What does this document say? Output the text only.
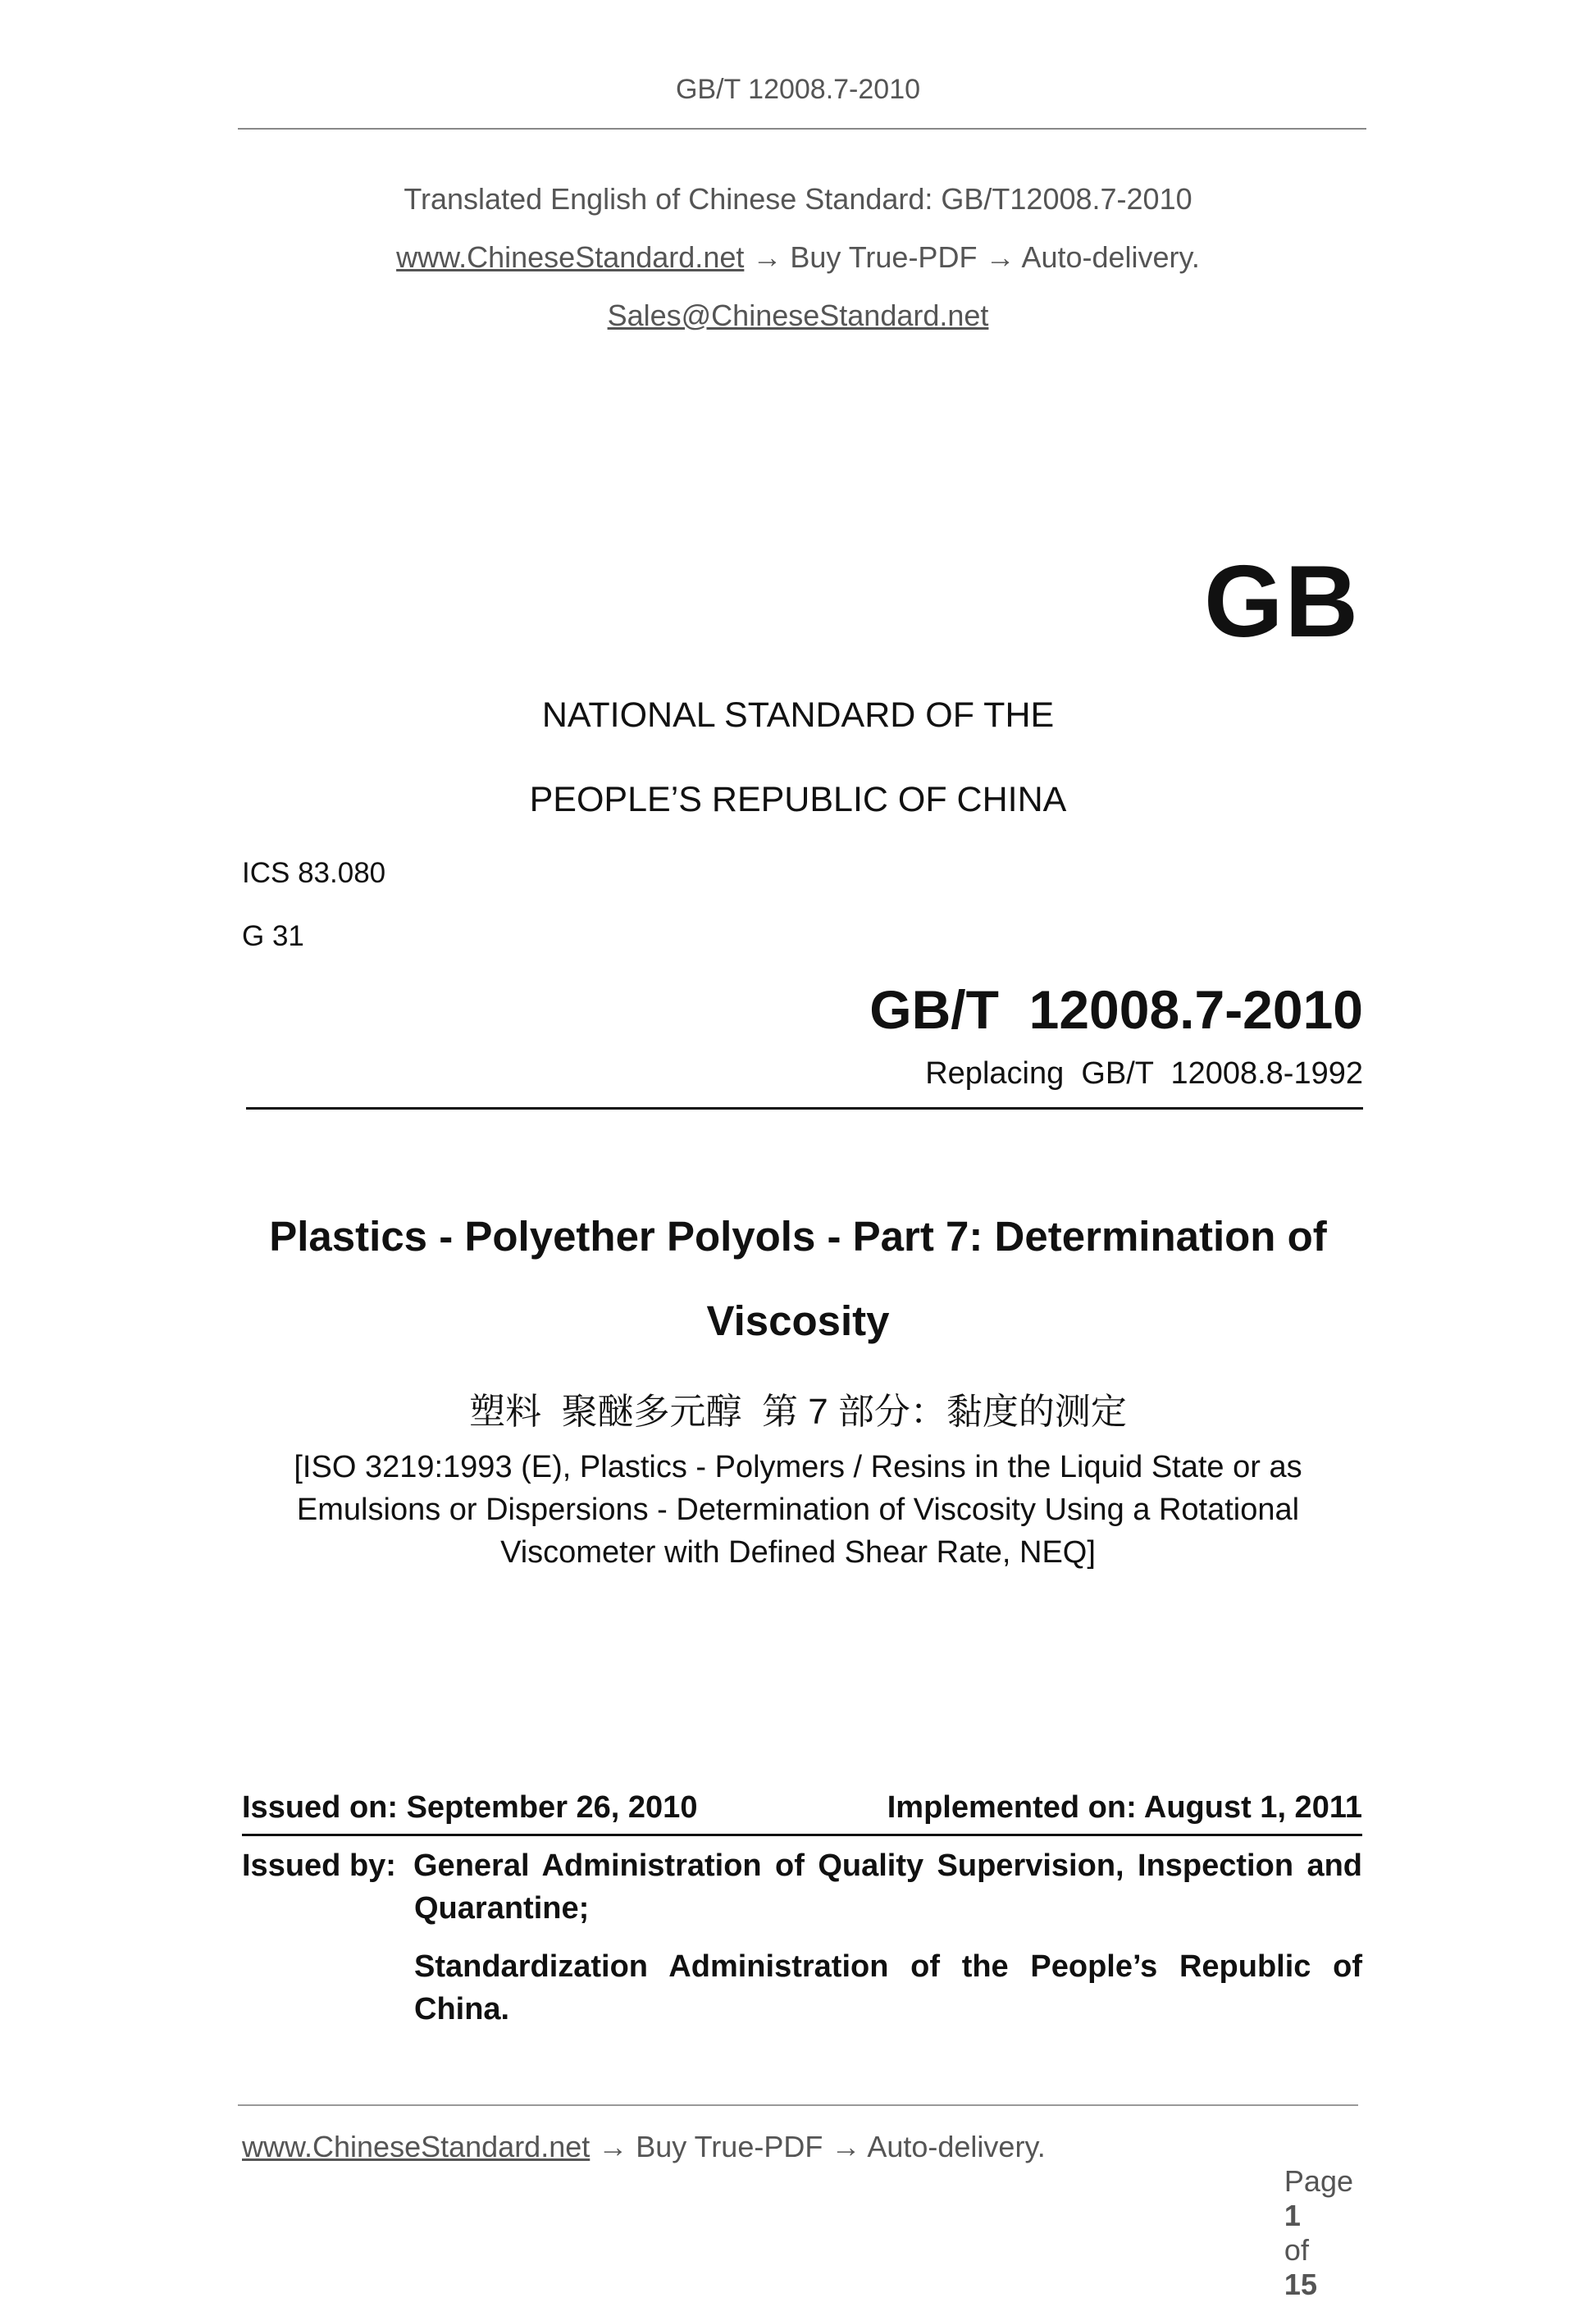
GB/T 12008.7-2010
Translated English of Chinese Standard: GB/T12008.7-2010
www.ChineseStandard.net → Buy True-PDF → Auto-delivery.
Sales@ChineseStandard.net
GB
NATIONAL STANDARD OF THE
PEOPLE’S REPUBLIC OF CHINA
ICS 83.080
G 31
GB/T  12008.7-2010
Replacing  GB/T  12008.8-1992
Plastics - Polyether Polyols - Part 7: Determination of
Viscosity
塑料  聚醚多元醇  第 7 部分：黏度的测定
[ISO 3219:1993 (E), Plastics - Polymers / Resins in the Liquid State or as
Emulsions or Dispersions - Determination of Viscosity Using a Rotational
Viscometer with Defined Shear Rate, NEQ]
Issued on: September 26, 2010	Implemented on: August 1, 2011
Issued by: General Administration of Quality Supervision, Inspection and
Quarantine;
Standardization Administration of the People’s Republic of
China.
www.ChineseStandard.net → Buy True-PDF → Auto-delivery.

Page
1
of
15
